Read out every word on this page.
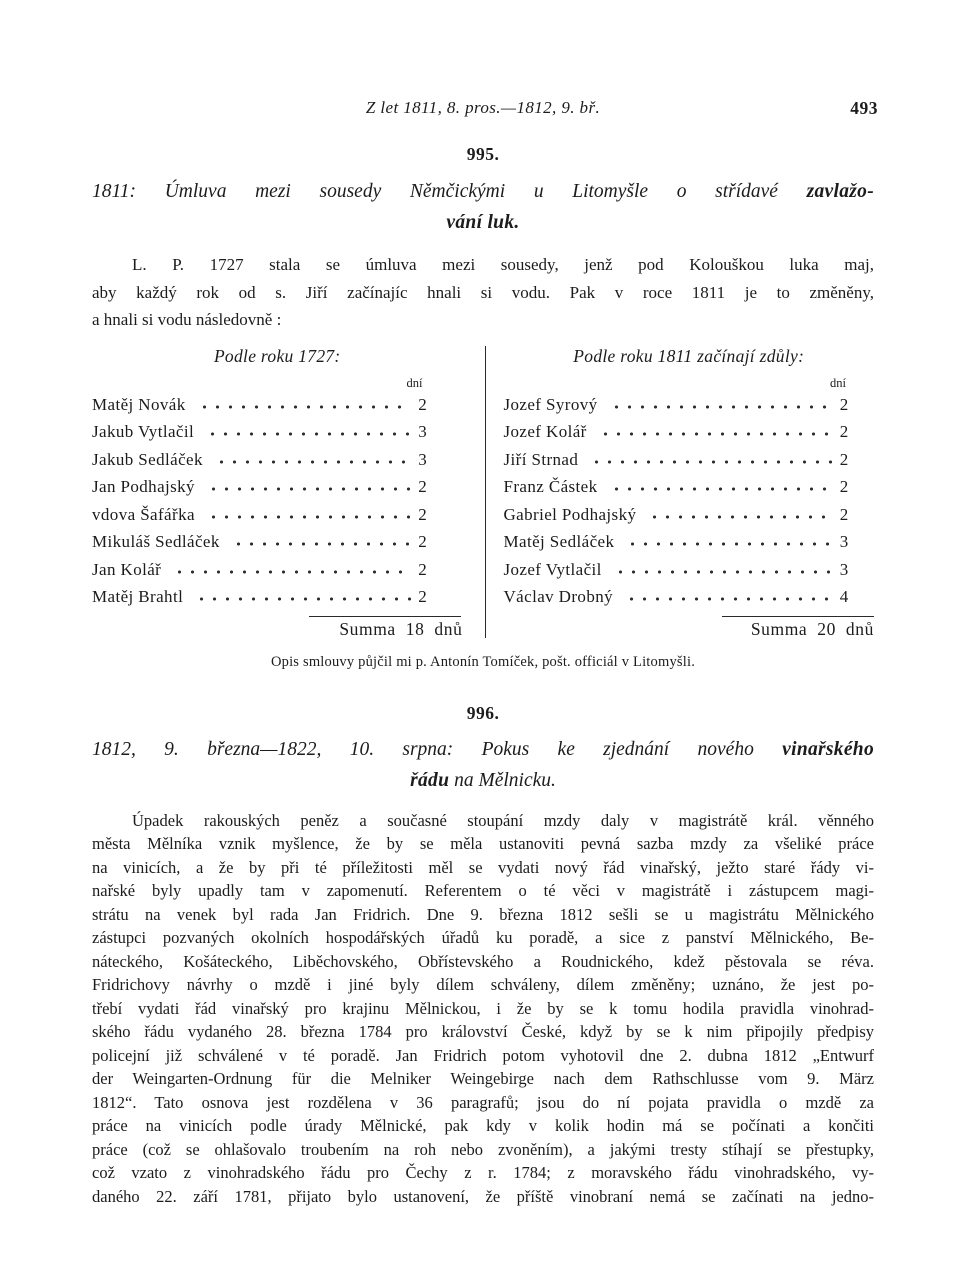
Z let 1811, 8. pros.—1812, 9. bř.	493
995.
1811: Úmluva mezi sousedy Němčickými u Litomyšle o střídavé zavlažo-
vání luk.
L. P. 1727 stala se úmluva mezi sousedy, jenž pod Kolouškou luka maj,
aby každý rok od s. Jiří začínajíc hnali si vodu. Pak v roce 1811 je to změněny,
a hnali si vodu následovně :
Podle roku 1727:
dní
Matěj Novák	2
Jakub Vytlačil	3
Jakub Sedláček	3
Jan Podhajský	2
vdova Šafářka	2
Mikuláš Sedláček	2
Jan Kolář	2
Matěj Brahtl	2
Summa 18 dnů
Podle roku 1811 začínají zdůly:
dní
Jozef Syrový	2
Jozef Kolář	2
Jiří Strnad	2
Franz Částek	2
Gabriel Podhajský	2
Matěj Sedláček	3
Jozef Vytlačil	3
Václav Drobný	4
Summa 20 dnů
Opis smlouvy půjčil mi p. Antonín Tomíček, pošt. officiál v Litomyšli.
996.
1812, 9. března—1822, 10. srpna: Pokus ke zjednání nového vinařského
řádu na Mělnicku.
Úpadek rakouských peněz a současné stoupání mzdy daly v magistrátě král. věnného
města Mělníka vznik myšlence, že by se měla ustanoviti pevná sazba mzdy za všeliké práce
na vinicích, a že by při té příležitosti měl se vydati nový řád vinařský, ježto staré řády vi-
nařské byly upadly tam v zapomenutí. Referentem o té věci v magistrátě i zástupcem magi-
strátu na venek byl rada Jan Fridrich. Dne 9. března 1812 sešli se u magistrátu Mělnického
zástupci pozvaných okolních hospodářských úřadů ku poradě, a sice z panství Mělnického, Be-
náteckého, Košáteckého, Liběchovského, Obřístevského a Roudnického, kdež pěstovala se réva.
Fridrichovy návrhy o mzdě i jiné byly dílem schváleny, dílem změněny; uznáno, že jest po-
třebí vydati řád vinařský pro krajinu Mělnickou, i že by se k tomu hodila pravidla vinohrad-
ského řádu vydaného 28. března 1784 pro království České, když by se k nim připojily předpisy
policejní již schválené v té poradě. Jan Fridrich potom vyhotovil dne 2. dubna 1812 „Entwurf
der Weingarten-Ordnung für die Melniker Weingebirge nach dem Rathschlusse vom 9. März
1812“. Tato osnova jest rozdělena v 36 paragrafů; jsou do ní pojata pravidla o mzdě za
práce na vinicích podle úrady Mělnické, pak kdy v kolik hodin má se počínati a končiti
práce (což se ohlašovalo troubením na roh nebo zvoněním), a jakými tresty stíhají se přestupky,
což vzato z vinohradského řádu pro Čechy z r. 1784; z moravského řádu vinohradského, vy-
daného 22. září 1781, přijato bylo ustanovení, že příště vinobraní nemá se začínati na jedno-
